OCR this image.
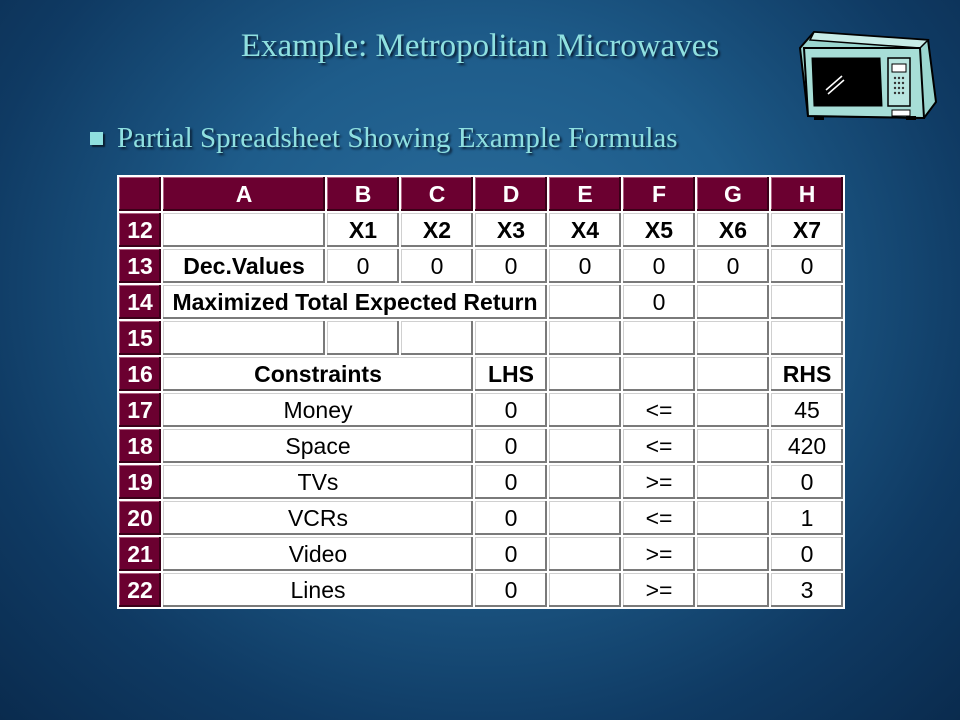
Example: Metropolitan Microwaves
Partial Spreadsheet Showing Example Formulas
	A	B	C	D	E	F	G	H
12		X1	X2	X3	X4	X5	X6	X7
13	Dec.Values	0	0	0	0	0	0	0
14	Maximized Total Expected Return					0		
15								
16	Constraints			LHS				RHS
17	Money			0		<=		45
18	Space			0		<=		420
19	TVs			0		>=		0
20	VCRs			0		<=		1
21	Video			0		>=		0
22	Lines			0		>=		3
